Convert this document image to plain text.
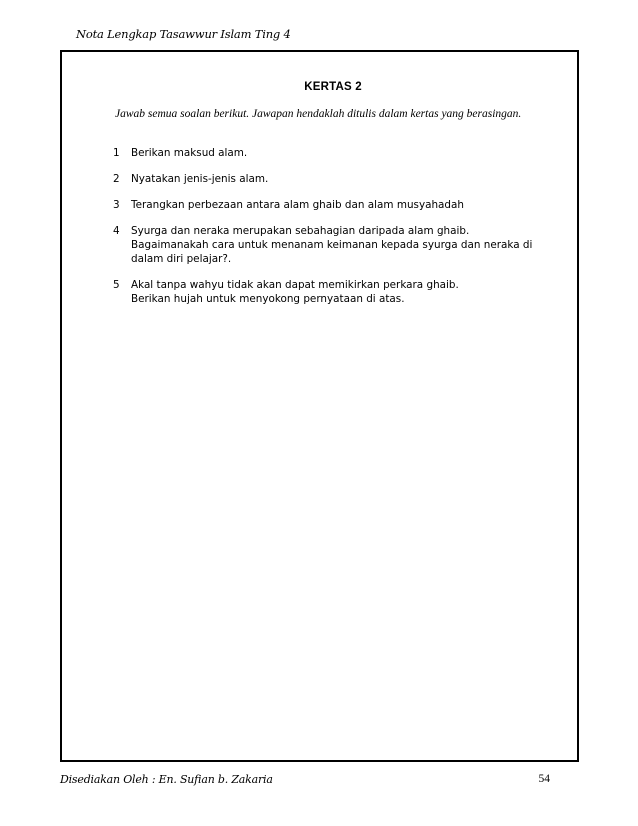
Nota Lengkap Tasawwur Islam Ting 4
KERTAS 2
Jawab semua soalan berikut. Jawapan hendaklah ditulis dalam kertas yang berasingan.
1	Berikan maksud alam.
2	Nyatakan jenis-jenis alam.
3	Terangkan perbezaan antara alam ghaib dan alam musyahadah
4	Syurga dan neraka merupakan sebahagian daripada alam ghaib.
Bagaimanakah cara untuk menanam keimanan kepada syurga dan neraka di
dalam diri pelajar?.
5	Akal tanpa wahyu tidak akan dapat memikirkan perkara ghaib.
Berikan hujah untuk menyokong pernyataan di atas.
Disediakan Oleh : En. Sufian b. Zakaria	54
